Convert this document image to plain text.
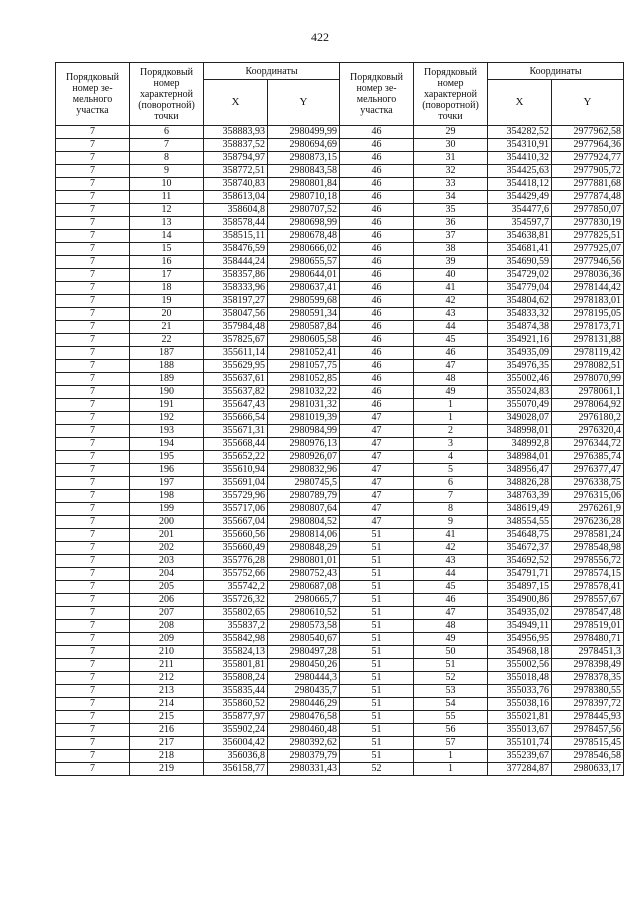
422
Порядковый номер зе-мельного участка	Порядковый номер характерной (поворотной) точки	Координаты		Порядковый номер зе-мельного участка	Порядковый номер характерной (поворотной) точки	Координаты	
		X	Y			X	Y
7	6	358883,93	2980499,99	46	29	354282,52	2977962,58
7	7	358837,52	2980694,69	46	30	354310,91	2977964,36
7	8	358794,97	2980873,15	46	31	354410,32	2977924,77
7	9	358772,51	2980843,58	46	32	354425,63	2977905,72
7	10	358740,83	2980801,84	46	33	354418,12	2977881,68
7	11	358613,04	2980710,18	46	34	354429,49	2977874,48
7	12	358604,8	2980707,52	46	35	354477,6	2977850,07
7	13	358578,44	2980698,99	46	36	354597,7	2977830,19
7	14	358515,11	2980678,48	46	37	354638,81	2977825,51
7	15	358476,59	2980666,02	46	38	354681,41	2977925,07
7	16	358444,24	2980655,57	46	39	354690,59	2977946,56
7	17	358357,86	2980644,01	46	40	354729,02	2978036,36
7	18	358333,96	2980637,41	46	41	354779,04	2978144,42
7	19	358197,27	2980599,68	46	42	354804,62	2978183,01
7	20	358047,56	2980591,34	46	43	354833,32	2978195,05
7	21	357984,48	2980587,84	46	44	354874,38	2978173,71
7	22	357825,67	2980605,58	46	45	354921,16	2978131,88
7	187	355611,14	2981052,41	46	46	354935,09	2978119,42
7	188	355629,95	2981057,75	46	47	354976,35	2978082,51
7	189	355637,61	2981052,85	46	48	355002,46	2978070,99
7	190	355637,82	2981032,22	46	49	355024,83	2978061,1
7	191	355647,43	2981031,32	46	1	355070,49	2978064,92
7	192	355666,54	2981019,39	47	1	349028,07	2976180,2
7	193	355671,31	2980984,99	47	2	348998,01	2976320,4
7	194	355668,44	2980976,13	47	3	348992,8	2976344,72
7	195	355652,22	2980926,07	47	4	348984,01	2976385,74
7	196	355610,94	2980832,96	47	5	348956,47	2976377,47
7	197	355691,04	2980745,5	47	6	348826,28	2976338,75
7	198	355729,96	2980789,79	47	7	348763,39	2976315,06
7	199	355717,06	2980807,64	47	8	348619,49	2976261,9
7	200	355667,04	2980804,52	47	9	348554,55	2976236,28
7	201	355660,56	2980814,06	51	41	354648,75	2978581,24
7	202	355660,49	2980848,29	51	42	354672,37	2978548,98
7	203	355776,28	2980801,01	51	43	354692,52	2978556,72
7	204	355752,66	2980752,43	51	44	354791,71	2978574,15
7	205	355742,2	2980687,08	51	45	354897,15	2978578,41
7	206	355726,32	2980665,7	51	46	354900,86	2978557,67
7	207	355802,65	2980610,52	51	47	354935,02	2978547,48
7	208	355837,2	2980573,58	51	48	354949,11	2978519,01
7	209	355842,98	2980540,67	51	49	354956,95	2978480,71
7	210	355824,13	2980497,28	51	50	354968,18	2978451,3
7	211	355801,81	2980450,26	51	51	355002,56	2978398,49
7	212	355808,24	2980444,3	51	52	355018,48	2978378,35
7	213	355835,44	2980435,7	51	53	355033,76	2978380,55
7	214	355860,52	2980446,29	51	54	355038,16	2978397,72
7	215	355877,97	2980476,58	51	55	355021,81	2978445,93
7	216	355902,24	2980460,48	51	56	355013,67	2978457,56
7	217	356004,42	2980392,62	51	57	355101,74	2978515,45
7	218	356036,8	2980379,79	51	1	355239,67	2978546,58
7	219	356158,77	2980331,43	52	1	377284,87	2980633,17
